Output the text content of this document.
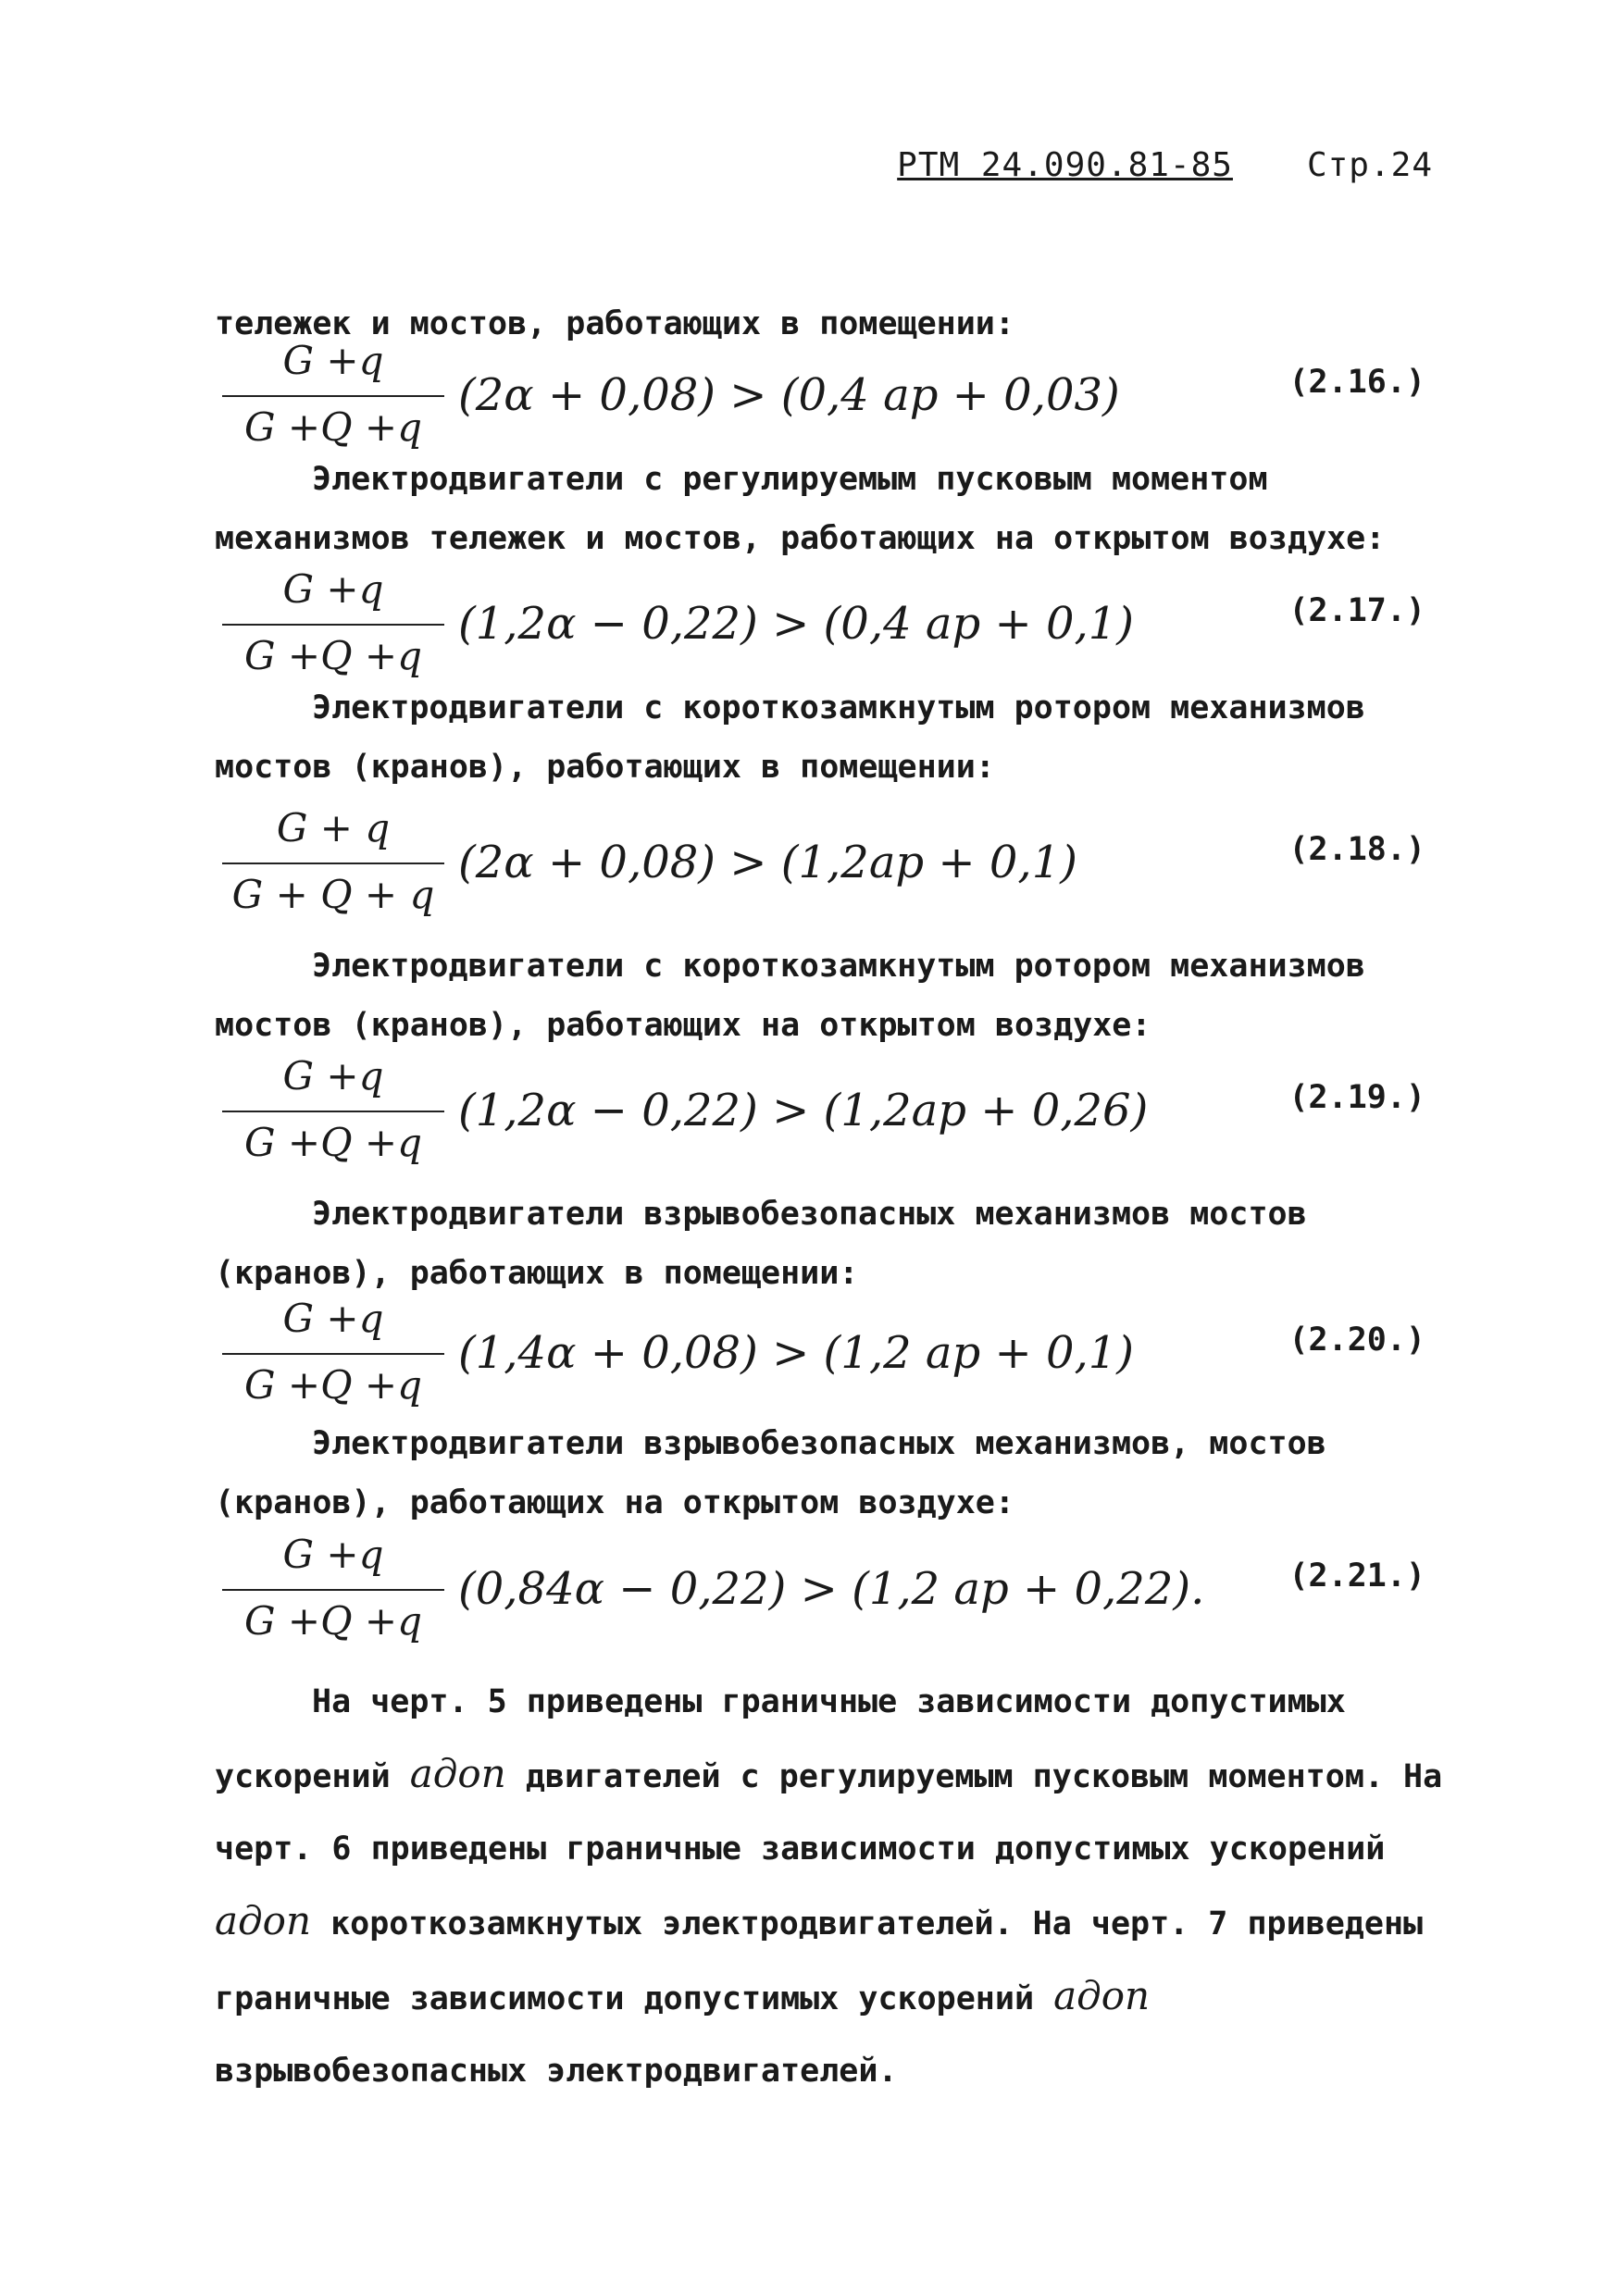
РТМ 24.090.81-85 Стр.24
тележек и мостов, работающих в помещении:
G +q
G +Q +q
(2α + 0,08) > (0,4 aр + 0,03)	(2.16.)
Электродвигатели с регулируемым пусковым моментом механизмов тележек и мостов, работающих на открытом воздухе:
G +q
G +Q +q
(1,2α − 0,22) > (0,4 aр + 0,1)	(2.17.)
Электродвигатели с короткозамкнутым ротором механизмов мостов (кранов), работающих в помещении:
G + q
G + Q + q
(2α + 0,08) > (1,2aр + 0,1)	(2.18.)
Электродвигатели с короткозамкнутым ротором механизмов мостов (кранов), работающих на открытом воздухе:
G +q
G +Q +q
(1,2α − 0,22) > (1,2aр + 0,26)	(2.19.)
Электродвигатели взрывобезопасных механизмов мостов (кранов), работающих в помещении:
G +q
G +Q +q
(1,4α + 0,08) > (1,2 aр + 0,1)	(2.20.)
Электродвигатели взрывобезопасных механизмов, мостов (кранов), работающих на открытом воздухе:
G +q
G +Q +q
(0,84α − 0,22) > (1,2 aр + 0,22).	(2.21.)
На черт. 5 приведены граничные зависимости допустимых ускорений aдоп двигателей с регулируемым пусковым моментом. На черт. 6 приведены граничные зависимости допустимых ускорений aдоп короткозамкнутых электродвигателей. На черт. 7 приведены граничные зависимости допустимых ускорений aдоп взрывобезопасных электродвигателей.
